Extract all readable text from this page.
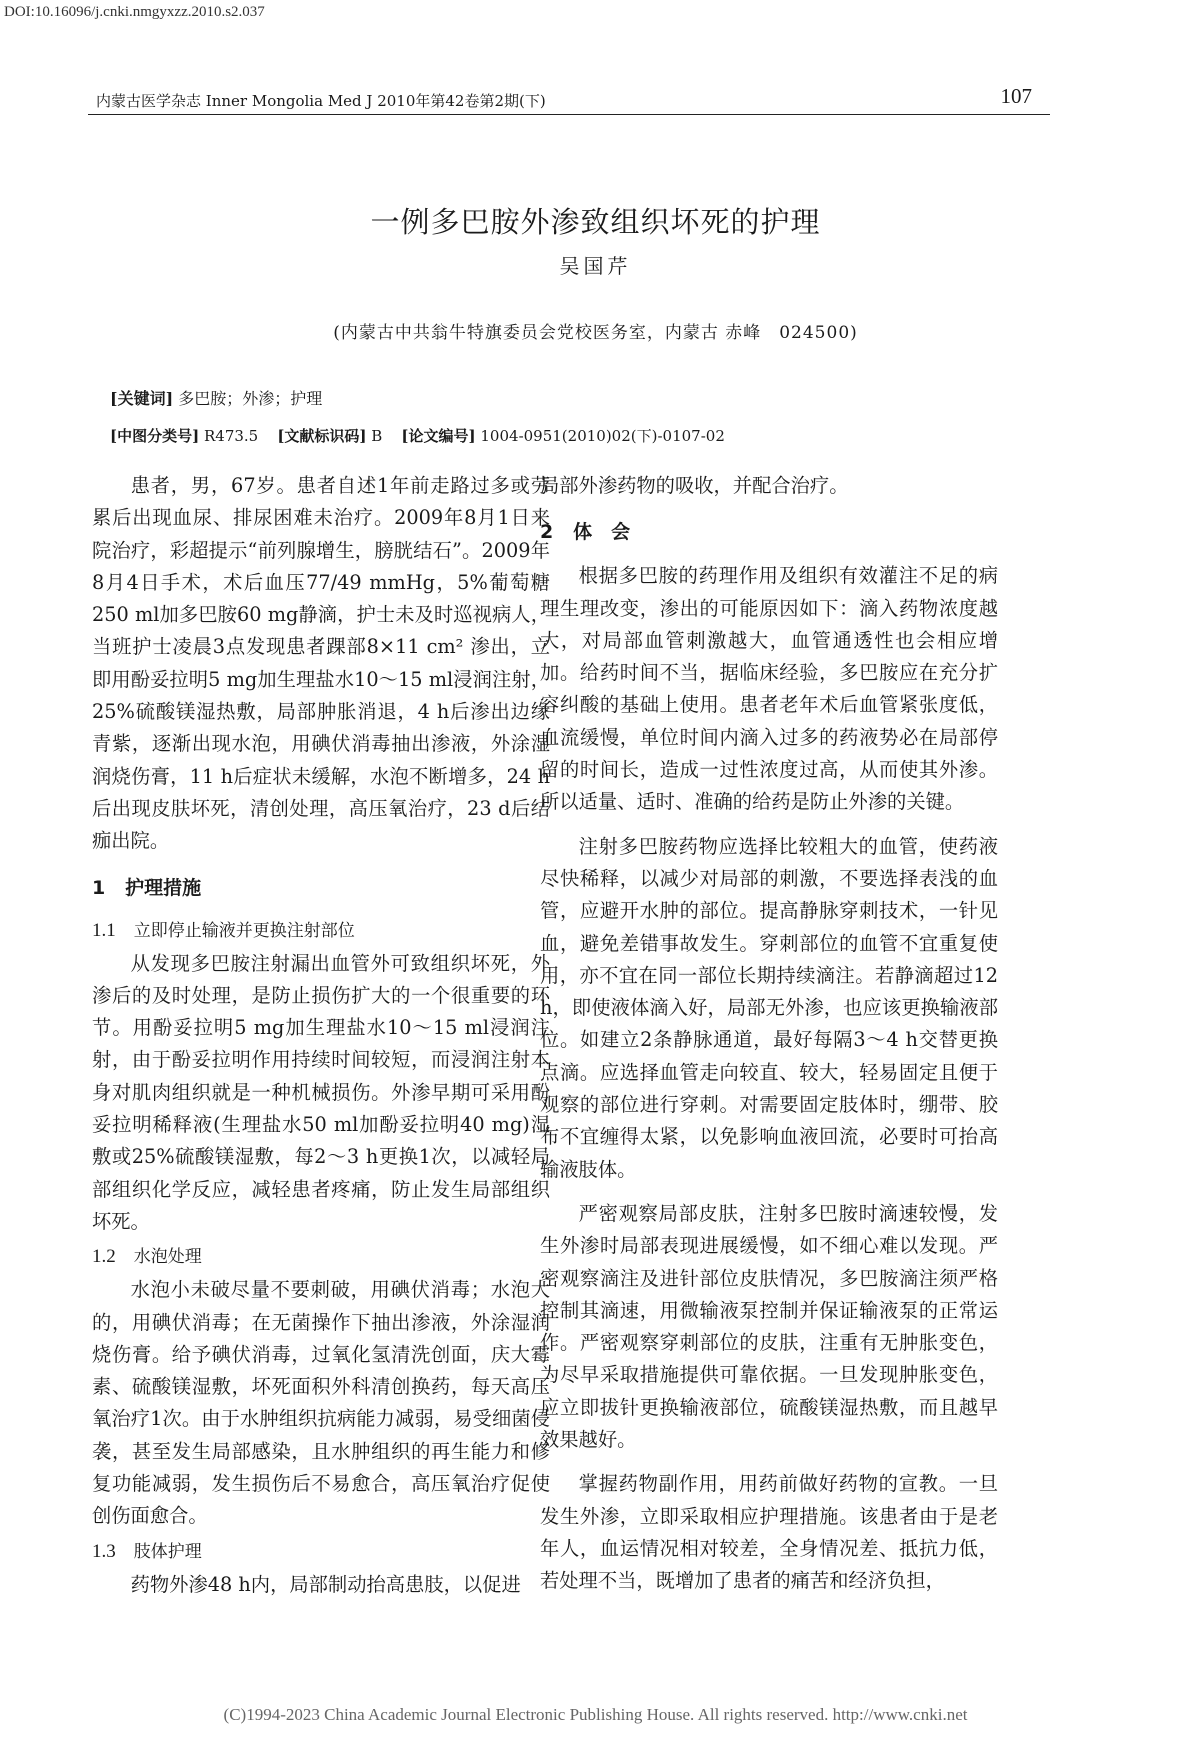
DOI:10.16096/j.cnki.nmgyxzz.2010.s2.037
内蒙古医学杂志 Inner Mongolia Med J 2010年第42卷第2期(下)	107
一例多巴胺外渗致组织坏死的护理
吴国芹
(内蒙古中共翁牛特旗委员会党校医务室，内蒙古 赤峰　024500)
[关键词] 多巴胺；外渗；护理
[中图分类号] R473.5 [文献标识码] B [论文编号] 1004-0951(2010)02(下)-0107-02

患者，男，67岁。患者自述1年前走路过多或劳累后出现血尿、排尿困难未治疗。2009年8月1日来院治疗，彩超提示“前列腺增生，膀胱结石”。2009年8月4日手术，术后血压77/49 mmHg，5%葡萄糖250 ml加多巴胺60 mg静滴，护士未及时巡视病人，当班护士凌晨3点发现患者踝部8×11 cm² 渗出，立即用酚妥拉明5 mg加生理盐水10～15 ml浸润注射，25%硫酸镁湿热敷，局部肿胀消退，4 h后渗出边缘青紫，逐渐出现水泡，用碘伏消毒抽出渗液，外涂湿润烧伤膏，11 h后症状未缓解，水泡不断增多，24 h后出现皮肤坏死，清创处理，高压氧治疗，23 d后结痂出院。

1 护理措施
1.1 立即停止输液并更换注射部位

从发现多巴胺注射漏出血管外可致组织坏死，外渗后的及时处理，是防止损伤扩大的一个很重要的环节。用酚妥拉明5 mg加生理盐水10～15 ml浸润注射，由于酚妥拉明作用持续时间较短，而浸润注射本身对肌肉组织就是一种机械损伤。外渗早期可采用酚妥拉明稀释液(生理盐水50 ml加酚妥拉明40 mg)湿敷或25%硫酸镁湿敷，每2～3 h更换1次，以减轻局部组织化学反应，减轻患者疼痛，防止发生局部组织坏死。

1.2 水泡处理

水泡小未破尽量不要刺破，用碘伏消毒；水泡大的，用碘伏消毒；在无菌操作下抽出渗液，外涂湿润烧伤膏。给予碘伏消毒，过氧化氢清洗创面，庆大霉素、硫酸镁湿敷，坏死面积外科清创换药，每天高压氧治疗1次。由于水肿组织抗病能力减弱，易受细菌侵袭，甚至发生局部感染，且水肿组织的再生能力和修复功能减弱，发生损伤后不易愈合，高压氧治疗促使创伤面愈合。

1.3 肢体护理

药物外渗48 h内，局部制动抬高患肢，以促进

局部外渗药物的吸收，并配合治疗。

2 体　会

根据多巴胺的药理作用及组织有效灌注不足的病理生理改变，渗出的可能原因如下：滴入药物浓度越大，对局部血管刺激越大，血管通透性也会相应增加。给药时间不当，据临床经验，多巴胺应在充分扩容纠酸的基础上使用。患者老年术后血管紧张度低，血流缓慢，单位时间内滴入过多的药液势必在局部停留的时间长，造成一过性浓度过高，从而使其外渗。所以适量、适时、准确的给药是防止外渗的关键。

注射多巴胺药物应选择比较粗大的血管，使药液尽快稀释，以减少对局部的刺激，不要选择表浅的血管，应避开水肿的部位。提高静脉穿刺技术，一针见血，避免差错事故发生。穿刺部位的血管不宜重复使用，亦不宜在同一部位长期持续滴注。若静滴超过12 h，即使液体滴入好，局部无外渗，也应该更换输液部位。如建立2条静脉通道，最好每隔3～4 h交替更换点滴。应选择血管走向较直、较大，轻易固定且便于观察的部位进行穿刺。对需要固定肢体时，绷带、胶布不宜缠得太紧，以免影响血液回流，必要时可抬高输液肢体。

严密观察局部皮肤，注射多巴胺时滴速较慢，发生外渗时局部表现进展缓慢，如不细心难以发现。严密观察滴注及进针部位皮肤情况，多巴胺滴注须严格控制其滴速，用微输液泵控制并保证输液泵的正常运作。严密观察穿刺部位的皮肤，注重有无肿胀变色，为尽早采取措施提供可靠依据。一旦发现肿胀变色，应立即拔针更换输液部位，硫酸镁湿热敷，而且越早效果越好。

掌握药物副作用，用药前做好药物的宣教。一旦发生外渗，立即采取相应护理措施。该患者由于是老年人，血运情况相对较差，全身情况差、抵抗力低，若处理不当，既增加了患者的痛苦和经济负担，

(C)1994-2023 China Academic Journal Electronic Publishing House. All rights reserved. http://www.cnki.net
